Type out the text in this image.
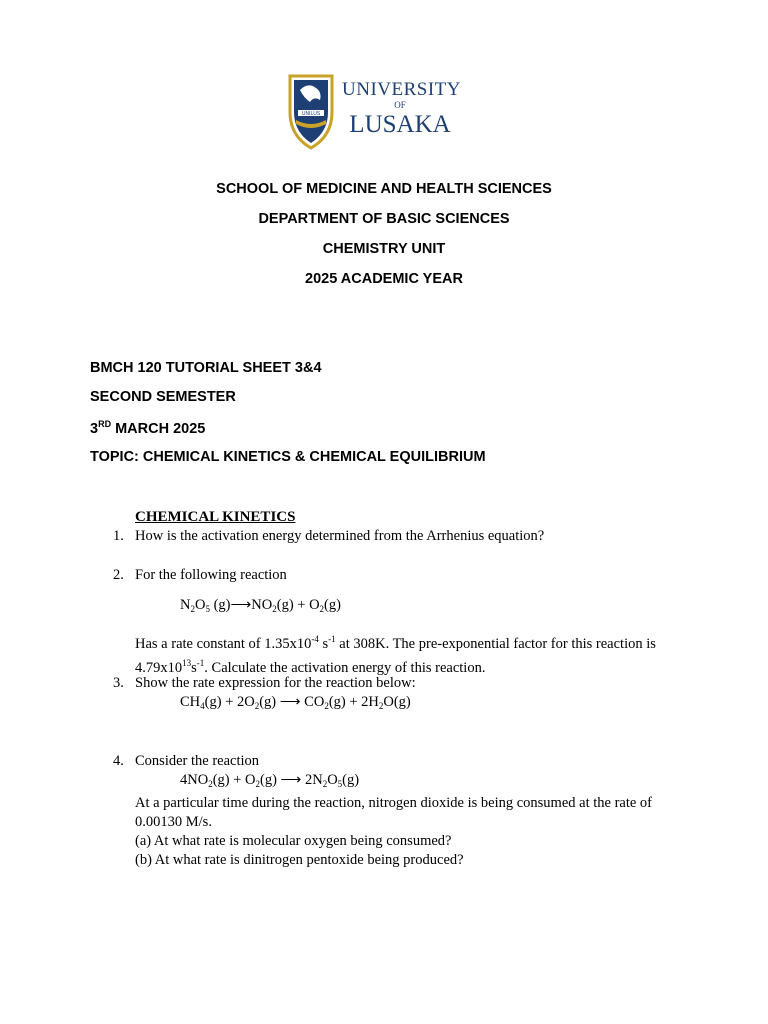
UNILUS
UNIVERSITY
OF
LUSAKA
SCHOOL OF MEDICINE AND HEALTH SCIENCES
DEPARTMENT OF BASIC SCIENCES
CHEMISTRY UNIT
2025 ACADEMIC YEAR
BMCH 120 TUTORIAL SHEET 3&4
SECOND SEMESTER
3RD MARCH 2025
TOPIC: CHEMICAL KINETICS & CHEMICAL EQUILIBRIUM
CHEMICAL KINETICS
1. How is the activation energy determined from the Arrhenius equation?
2. For the following reaction
$N_2O_5$ $(g)⟶NO_2(g) + O_2(g)$
Has a rate constant of $1.35x10^{-4}$ $s^{-1}$ at 308K. The pre-exponential factor for this reaction is
$4.79x10^{13}s^{-1}$. Calculate the activation energy of this reaction.
3. Show the rate expression for the reaction below:
$CH_4(g) + 2O_2(g)$ ⟶ $CO_2(g) + 2H_2O(g)$
4. Consider the reaction
$4NO_2(g) + O_2(g)$ ⟶ $2N_2O_5(g)$
At a particular time during the reaction, nitrogen dioxide is being consumed at the rate of
0.00130 M/s.
(a) At what rate is molecular oxygen being consumed?
(b) At what rate is dinitrogen pentoxide being produced?
